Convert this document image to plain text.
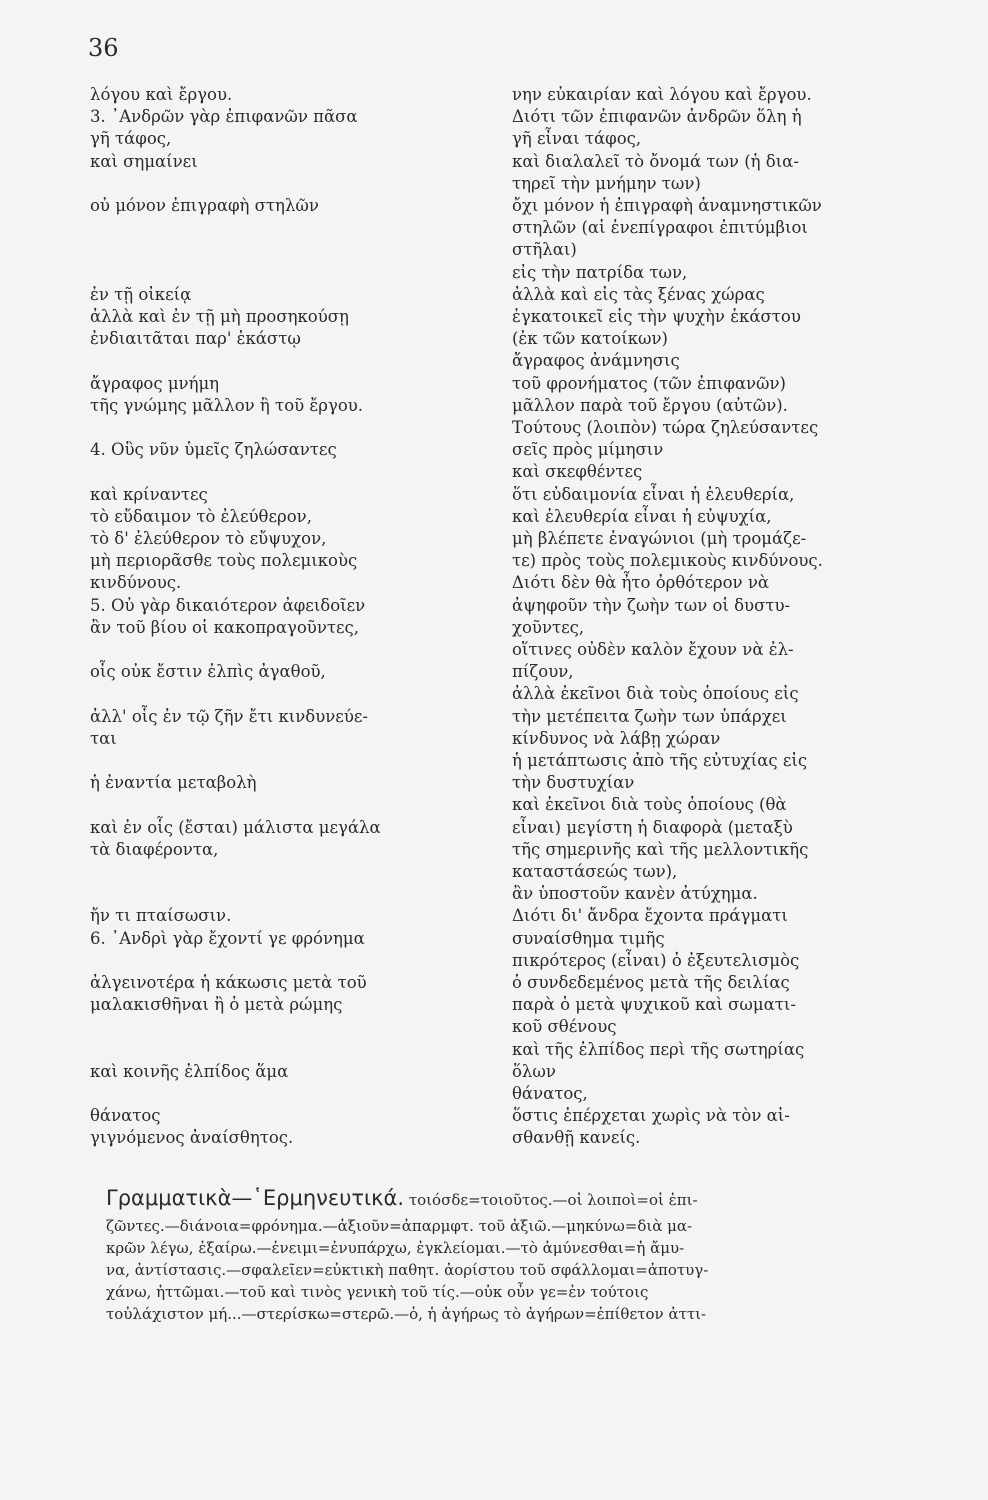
36
λόγου καὶ ἔργου.
3. ᾿Ανδρῶν γὰρ ἐπιφανῶν πᾶσα
γῆ τάφος,
καὶ σημαίνει
οὐ μόνον ἐπιγραφὴ στηλῶν
ἐν τῇ οἰκείᾳ
ἀλλὰ καὶ ἐν τῇ μὴ προσηκούσῃ
ἐνδιαιτᾶται παρ' ἑκάστῳ
ἄγραφος μνήμη
τῆς γνώμης μᾶλλον ἢ τοῦ ἔργου.
4. Οὓς νῦν ὑμεῖς ζηλώσαντες
καὶ κρίναντες
τὸ εὔδαιμον τὸ ἐλεύθερον,
τὸ δ' ἐλεύθερον τὸ εὔψυχον,
μὴ περιορᾶσθε τοὺς πολεμικοὺς
κινδύνους.
5. Οὐ γὰρ δικαιότερον ἀφειδοῖεν
ἂν τοῦ βίου οἱ κακοπραγοῦντες,
οἷς οὐκ ἔστιν ἐλπὶς ἀγαθοῦ,
ἀλλ' οἷς ἐν τῷ ζῆν ἔτι κινδυνεύε-
ται
ἡ ἐναντία μεταβολὴ
καὶ ἐν οἷς (ἔσται) μάλιστα μεγάλα
τὰ διαφέροντα,
ἤν τι πταίσωσιν.
6. ᾿Ανδρὶ γὰρ ἔχοντί γε φρόνημα
ἀλγεινοτέρα ἡ κάκωσις μετὰ τοῦ
μαλακισθῆναι ἢ ὁ μετὰ ρώμης
καὶ κοινῆς ἐλπίδος ἅμα
θάνατος
γιγνόμενος ἀναίσθητος.
νην εὐκαιρίαν καὶ λόγου καὶ ἔργου.
Διότι τῶν ἐπιφανῶν ἀνδρῶν ὅλη ἡ
γῆ εἶναι τάφος,
καὶ διαλαλεῖ τὸ ὄνομά των (ἡ δια-
τηρεῖ τὴν μνήμην των)
ὄχι μόνον ἡ ἐπιγραφὴ ἀναμνηστικῶν
στηλῶν (αἱ ἐνεπίγραφοι ἐπιτύμβιοι
στῆλαι)
εἰς τὴν πατρίδα των,
ἀλλὰ καὶ εἰς τὰς ξένας χώρας
ἐγκατοικεῖ εἰς τὴν ψυχὴν ἑκάστου
(ἐκ τῶν κατοίκων)
ἄγραφος ἀνάμνησις
τοῦ φρονήματος (τῶν ἐπιφανῶν)
μᾶλλον παρὰ τοῦ ἔργου (αὐτῶν).
Τούτους (λοιπὸν) τώρα ζηλεύσαντες
σεῖς πρὸς μίμησιν
καὶ σκεφθέντες
ὅτι εὐδαιμονία εἶναι ἡ ἐλευθερία,
καὶ ἐλευθερία εἶναι ἡ εὐψυχία,
μὴ βλέπετε ἐναγώνιοι (μὴ τρομάζε-
τε) πρὸς τοὺς πολεμικοὺς κινδύνους.
Διότι δὲν θὰ ἦτο ὀρθότερον νὰ
ἀψηφοῦν τὴν ζωὴν των οἱ δυστυ-
χοῦντες,
οἵτινες οὐδὲν καλὸν ἔχουν νὰ ἐλ-
πίζουν,
ἀλλὰ ἐκεῖνοι διὰ τοὺς ὁποίους εἰς
τὴν μετέπειτα ζωὴν των ὑπάρχει
κίνδυνος νὰ λάβῃ χώραν
ἡ μετάπτωσις ἀπὸ τῆς εὐτυχίας εἰς
τὴν δυστυχίαν
καὶ ἐκεῖνοι διὰ τοὺς ὁποίους (θὰ
εἶναι) μεγίστη ἡ διαφορὰ (μεταξὺ
τῆς σημερινῆς καὶ τῆς μελλοντικῆς
καταστάσεώς των),
ἂν ὑποστοῦν κανὲν ἀτύχημα.
Διότι δι' ἄνδρα ἔχοντα πράγματι
συναίσθημα τιμῆς
πικρότερος (εἶναι) ὁ ἐξευτελισμὸς
ὁ συνδεδεμένος μετὰ τῆς δειλίας
παρὰ ὁ μετὰ ψυχικοῦ καὶ σωματι-
κοῦ σθένους
καὶ τῆς ἐλπίδος περὶ τῆς σωτηρίας
ὅλων
θάνατος,
ὅστις ἐπέρχεται χωρὶς νὰ τὸν αἰ-
σθανθῇ κανείς.
Γραμματικὰ—῾Ερμηνευτικά. τοιόσδε=τοιοῦτος.—οἱ λοιποὶ=οἱ ἐπι-
ζῶντες.—διάνοια=φρόνημα.—ἀξιοῦν=ἀπαρμφτ. τοῦ ἀξιῶ.—μηκύνω=διὰ μα-
κρῶν λέγω, ἐξαίρω.—ἐνειμι=ἐνυπάρχω, ἐγκλείομαι.—τὸ ἀμύνεσθαι=ἡ ἄμυ-
να, ἀντίστασις.—σφαλεῖεν=εὐκτικὴ παθητ. ἀορίστου τοῦ σφάλλομαι=ἀποτυγ-
χάνω, ἡττῶμαι.—τοῦ καὶ τινὸς γενικὴ τοῦ τίς.—οὐκ οὖν γε=ἐν τούτοις
τοὐλάχιστον μή...—στερίσκω=στερῶ.—ὁ, ἡ ἀγήρως τὸ ἀγήρων=ἐπίθετον ἀττι-
